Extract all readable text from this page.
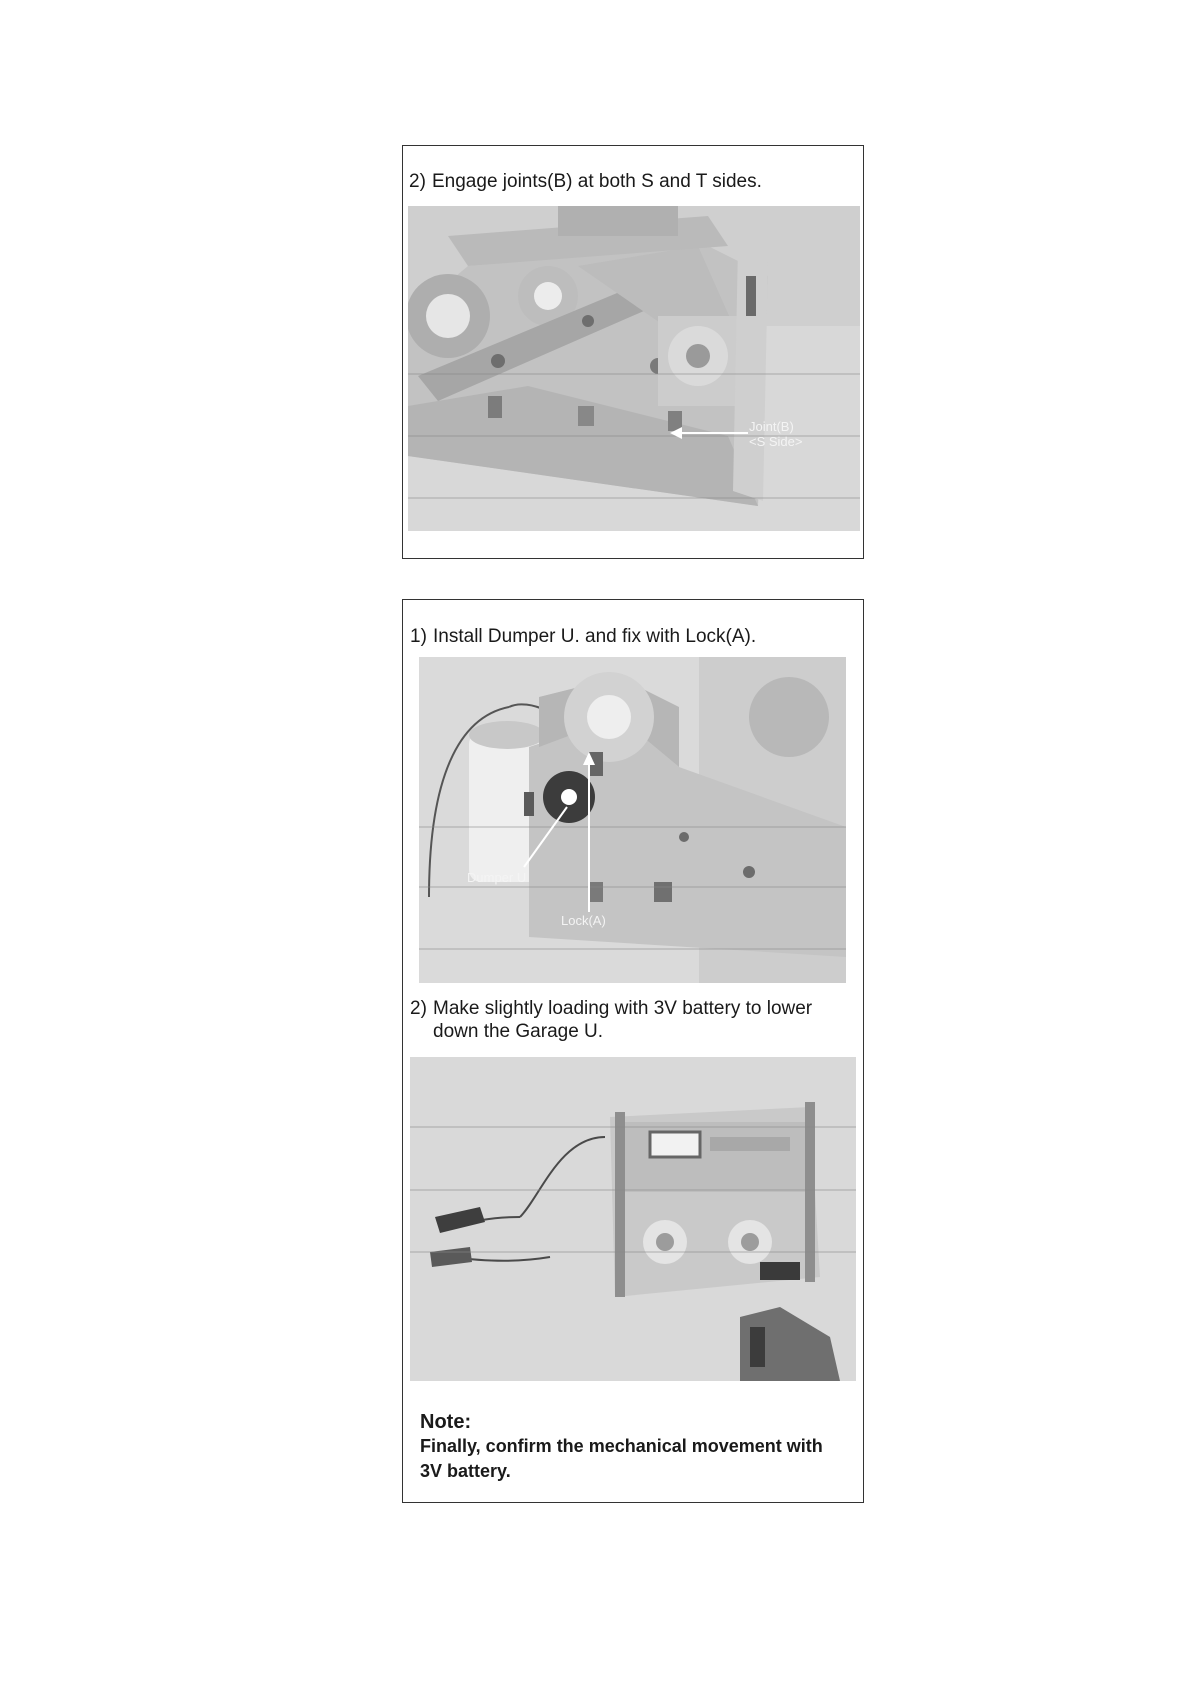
2) Engage joints(B) at both S and T sides.
Joint(B)
<S Side>
1) Install Dumper U. and fix with Lock(A).
Dumper U
Lock(A)
2) Make slightly loading with 3V battery to lower
down the Garage U.
Note:
Finally, confirm the mechanical movement with
3V battery.
